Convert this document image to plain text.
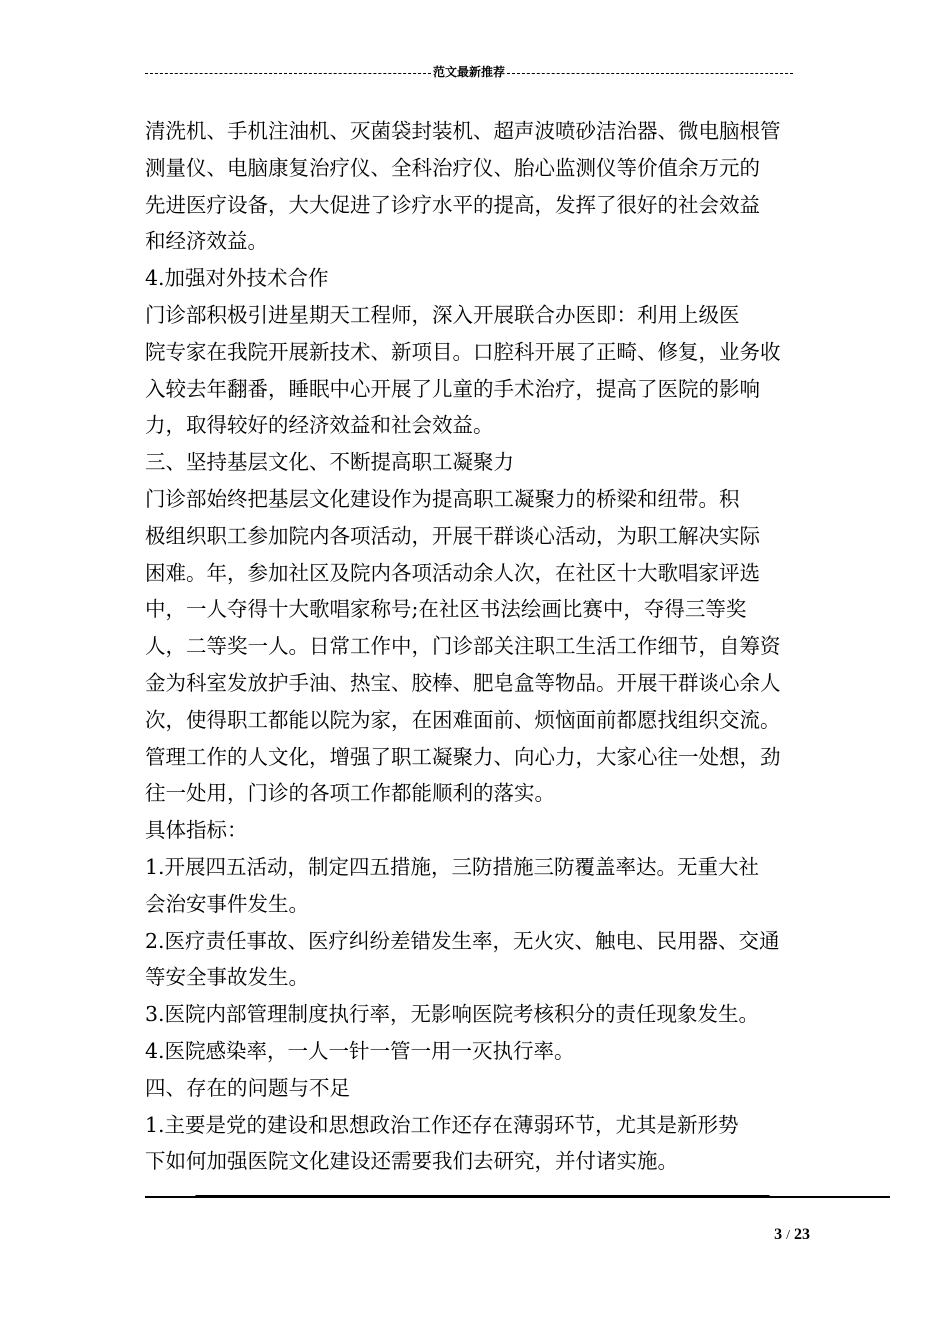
范文最新推荐
清洗机、手机注油机、灭菌袋封装机、超声波喷砂洁治器、微电脑根管
测量仪、电脑康复治疗仪、全科治疗仪、胎心监测仪等价值余万元的
先进医疗设备，大大促进了诊疗水平的提高，发挥了很好的社会效益
和经济效益。
4.加强对外技术合作
门诊部积极引进星期天工程师，深入开展联合办医即：利用上级医
院专家在我院开展新技术、新项目。口腔科开展了正畸、修复，业务收
入较去年翻番，睡眠中心开展了儿童的手术治疗，提高了医院的影响
力，取得较好的经济效益和社会效益。
三、坚持基层文化、不断提高职工凝聚力
门诊部始终把基层文化建设作为提高职工凝聚力的桥梁和纽带。积
极组织职工参加院内各项活动，开展干群谈心活动，为职工解决实际
困难。年，参加社区及院内各项活动余人次，在社区十大歌唱家评选
中，一人夺得十大歌唱家称号;在社区书法绘画比赛中，夺得三等奖
人，二等奖一人。日常工作中，门诊部关注职工生活工作细节，自筹资
金为科室发放护手油、热宝、胶棒、肥皂盒等物品。开展干群谈心余人
次，使得职工都能以院为家，在困难面前、烦恼面前都愿找组织交流。
管理工作的人文化，增强了职工凝聚力、向心力，大家心往一处想，劲
往一处用，门诊的各项工作都能顺利的落实。
具体指标：
1.开展四五活动，制定四五措施，三防措施三防覆盖率达。无重大社
会治安事件发生。
2.医疗责任事故、医疗纠纷差错发生率，无火灾、触电、民用器、交通
等安全事故发生。
3.医院内部管理制度执行率，无影响医院考核积分的责任现象发生。
4.医院感染率，一人一针一管一用一灭执行率。
四、存在的问题与不足
1.主要是党的建设和思想政治工作还存在薄弱环节，尤其是新形势
下如何加强医院文化建设还需要我们去研究，并付诸实施。
3 / 23
